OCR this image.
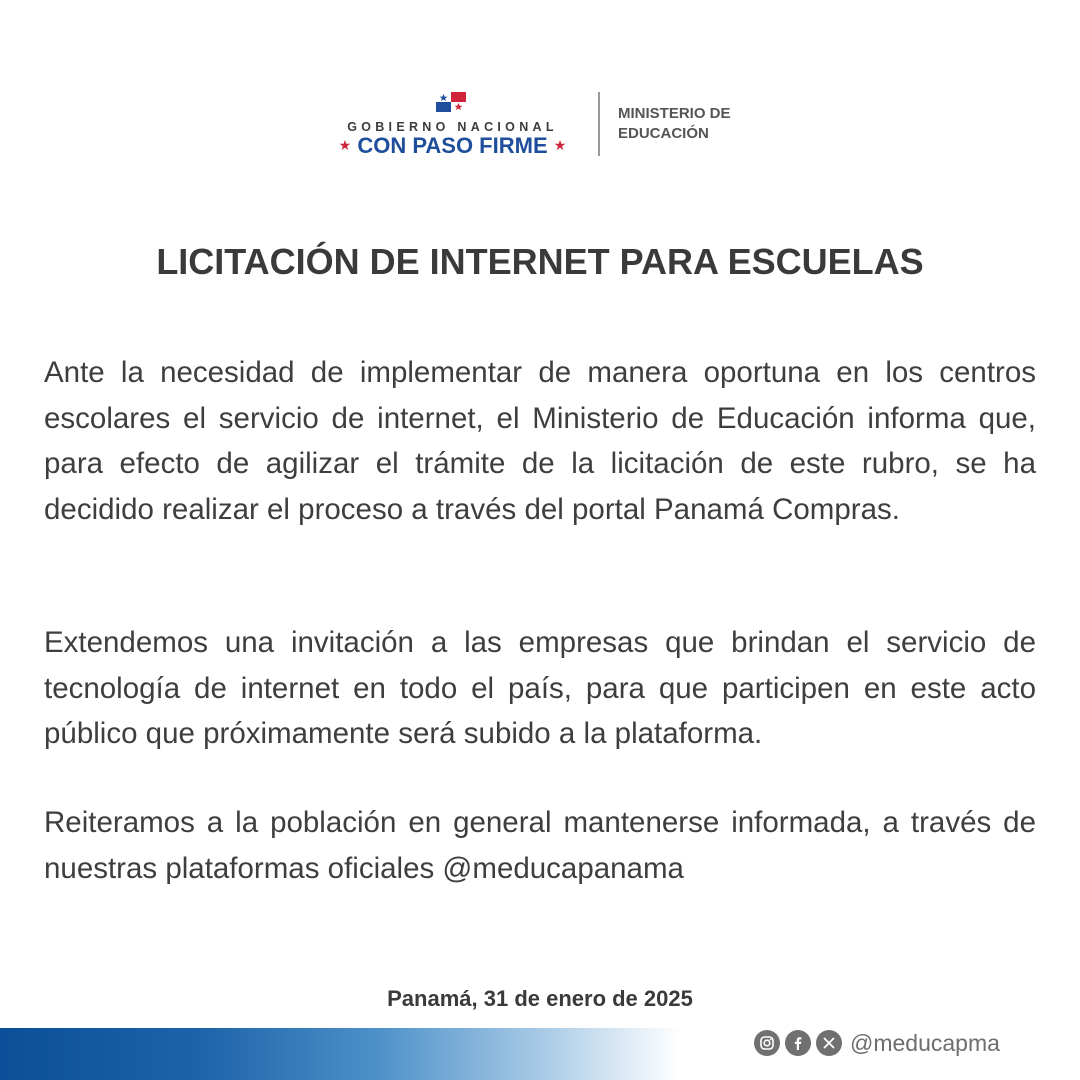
GOBIERNO NACIONAL
★ CON PASO FIRME ★
MINISTERIO DE
EDUCACIÓN
LICITACIÓN DE INTERNET PARA ESCUELAS
Ante la necesidad de implementar de manera oportuna en los centros escolares el servicio de internet, el Ministerio de Educación informa que, para efecto de agilizar el trámite de la licitación de este rubro, se ha decidido realizar el proceso a través del portal Panamá Compras.
Extendemos una invitación a las empresas que brindan el servicio de tecnología de internet en todo el país, para que participen en este acto público que próximamente será subido a la plataforma.
Reiteramos a la población en general mantenerse informada, a través de nuestras plataformas oficiales @meducapanama
Panamá, 31 de enero de 2025
@meducapma
